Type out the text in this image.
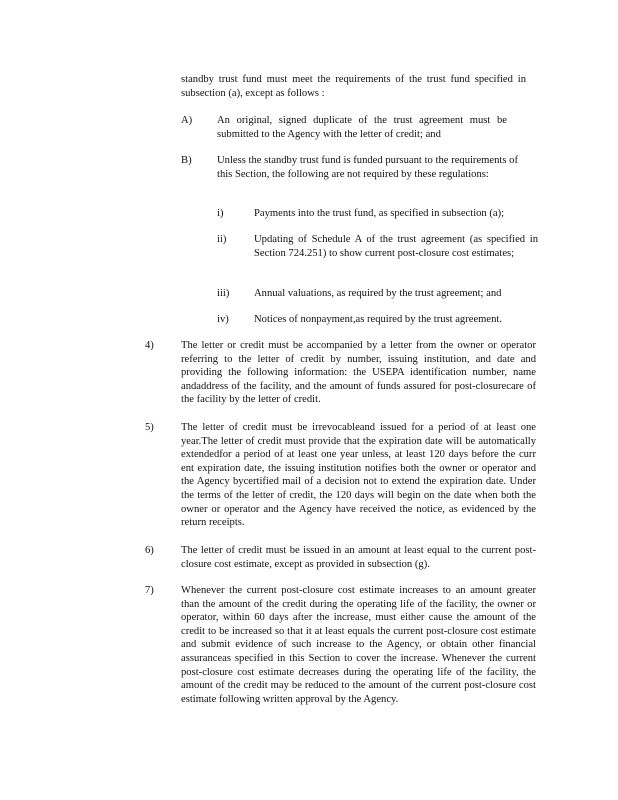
standby trust fund must meet the requirements of the trust fund specified in subsection (a), except as follows :

A) An original, signed duplicate of the trust agreement must be submitted to the Agency with the letter of credit; and

B) Unless the standby trust fund is funded pursuant to the requirements of this Section, the following are not required by these regulations:

i)	Payments into the trust fund, as specified in subsection (a);

ii)	Updating of Schedule A of the trust agreement (as specified in Section 724.251) to show current post-closure cost estimates;

iii) Annual valuations, as required by the trust agreement; and

iv) Notices of nonpayment,as required by the trust agreement.

4)	The letter or credit must be accompanied by a letter from the owner or operator referring to the letter of credit by number, issuing institution, and date and providing the following information: the USEPA identification number, name andaddress of the facility, and the amount of funds assured for post-closurecare of the facility by the letter of credit.

5)	The letter of credit must be irrevocableand issued for a period of at least one year.The letter of credit must provide that the expiration date will be automatically extendedfor a period of at least one year unless, at least 120 days before the curr ent expiration date, the issuing institution notifies both the owner or operator and the Agency bycertified mail of a decision not to extend the expiration date. Under the terms of the letter of credit, the 120 days will begin on the date when both the owner or operator and the Agency have received the notice, as evidenced by the return receipts.

6)	The letter of credit must be issued in an amount at least equal to the current post-closure cost estimate, except as provided in subsection (g).

7)	Whenever the current post-closure cost estimate increases to an amount greater than the amount of the credit during the operating life of the facility, the owner or operator, within 60 days after the increase, must either cause the amount of the credit to be increased so that it at least equals the current post-closure cost estimate and submit evidence of such increase to the Agency, or obtain other financial assuranceas specified in this Section to cover the increase. Whenever the current post-closure cost estimate decreases during the operating life of the facility, the amount of the credit may be reduced to the amount of the current post-closure cost estimate following written approval by the Agency.
